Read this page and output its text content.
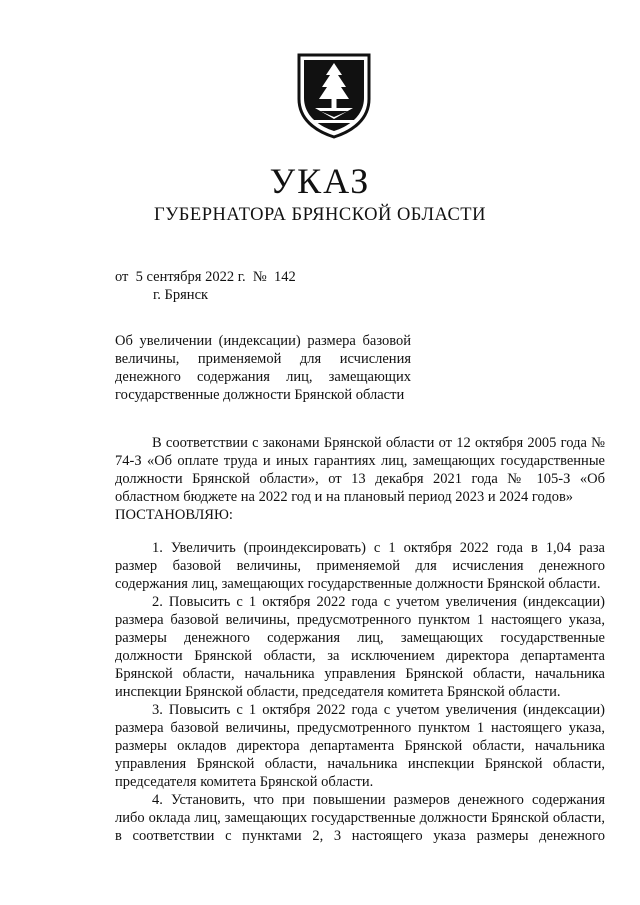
УКАЗ
ГУБЕРНАТОРА БРЯНСКОЙ ОБЛАСТИ
от  5 сентября 2022 г.  №  142
г. Брянск
Об увеличении (индексации) размера базовой величины, применяемой для исчисления денежного содержания лиц, замещающих государственные должности Брянской области

В соответствии с законами Брянской области от 12 октября 2005 года № 74-З «Об оплате труда и иных гарантиях лиц, замещающих государственные должности Брянской области», от 13 декабря 2021 года № 105-З «Об областном бюджете на 2022 год и на плановый период 2023 и 2024 годов»

ПОСТАНОВЛЯЮ:

1. Увеличить (проиндексировать) с 1 октября 2022 года в 1,04 раза размер базовой величины, применяемой для исчисления денежного содержания лиц, замещающих государственные должности Брянской области.

2. Повысить с 1 октября 2022 года с учетом увеличения (индексации) размера базовой величины, предусмотренного пунктом 1 настоящего указа, размеры денежного содержания лиц, замещающих государственные должности Брянской области, за исключением директора департамента Брянской области, начальника управления Брянской области, начальника инспекции Брянской области, председателя комитета Брянской области.

3. Повысить с 1 октября 2022 года с учетом увеличения (индексации) размера базовой величины, предусмотренного пунктом 1 настоящего указа, размеры окладов директора департамента Брянской области, начальника управления Брянской области, начальника инспекции Брянской области, председателя комитета Брянской области.

4. Установить, что при повышении размеров денежного содержания либо оклада лиц, замещающих государственные должности Брянской области, в соответствии с пунктами 2, 3 настоящего указа размеры денежного
